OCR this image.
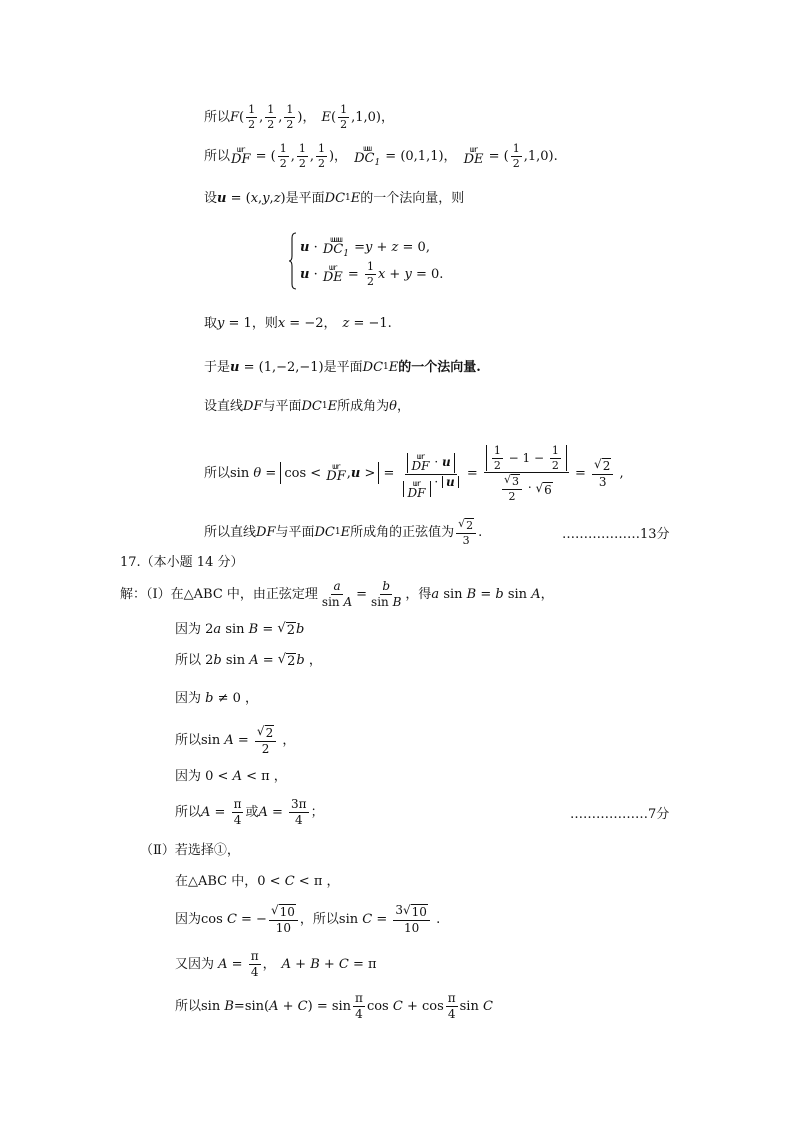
所以 F ( $\frac{1}{2}$ , $\frac{1}{2}$ , $\frac{1}{2}$ ) ， E ( $\frac{1}{2} ,1,0$) ，
所以 ɯr
DF = ( $\frac{1}{2}$ , $\frac{1}{2}$ , $\frac{1}{2}$ )，
ɯɯ
$DC_1 = (0,1,1)$， ɯr
DE = ( $\frac{1}{2} ,1,0$).
设 u = ( x , y , z ) 是平面 DC 1 E 的一个法向量，则
u ·
ɯɯɯ
$DC_1 = y + z = 0$,
u · ɯr
DE = $\frac{1}{2}$ x + y = 0.
取 y = 1 ，则 x = −2， z = −1.
于是 u = (1,−2,−1) 是平面 DC 1 E 的一个法向量.
设直线 DF 与平面 DC 1 E 所成角为 θ ，
所以 sin θ = cos < ɯr
DF , u > = ɯr
DF · u
ɯr
DF
· $u = \frac{\frac{1}{2} - 1 - \frac{1}{2}}{\frac{√ 3}{2} \cdot √ 6} = \frac{√ 2}{3}$ ,
所以直线 DF 与平面 DC 1 E 所成角的正弦值为 $\frac{√ 2}{3}$ .	………………13分
17.（本小题 14 分）
解：（Ⅰ）在△ABC 中，由正弦定理 $\frac{a}{\text{sin A}} = \frac{b}{\text{sin B}}$ ，得 a sin B = b sin A ，
因为 2 a sin B = √ 2 b
所以 2 b sin A = √ 2 b ，
因为
b ≠ 0 ，
所以 $\sin A = \frac{√ 2}{2}$ ，
因为 0 < A < π ，
所以 $A = \frac{\pi}{4}$ 或 $A = \frac{3\pi}{4}$ ；	………………7分
（Ⅱ）若选择①，
在△ABC 中， 0 < C < π ，
因为 cos C = − $\frac{√ 10}{10}$ ，所以 $\sin C = \frac{3√ 10}{10}$ .
又因为
$A = \frac{\pi}{4}$ ， A + B + C = π
所以 sin B =sin( A + C ) = $\sin \frac{\pi}{4}$ $\cos C + \cos \frac{\pi}{4}$ sin C
